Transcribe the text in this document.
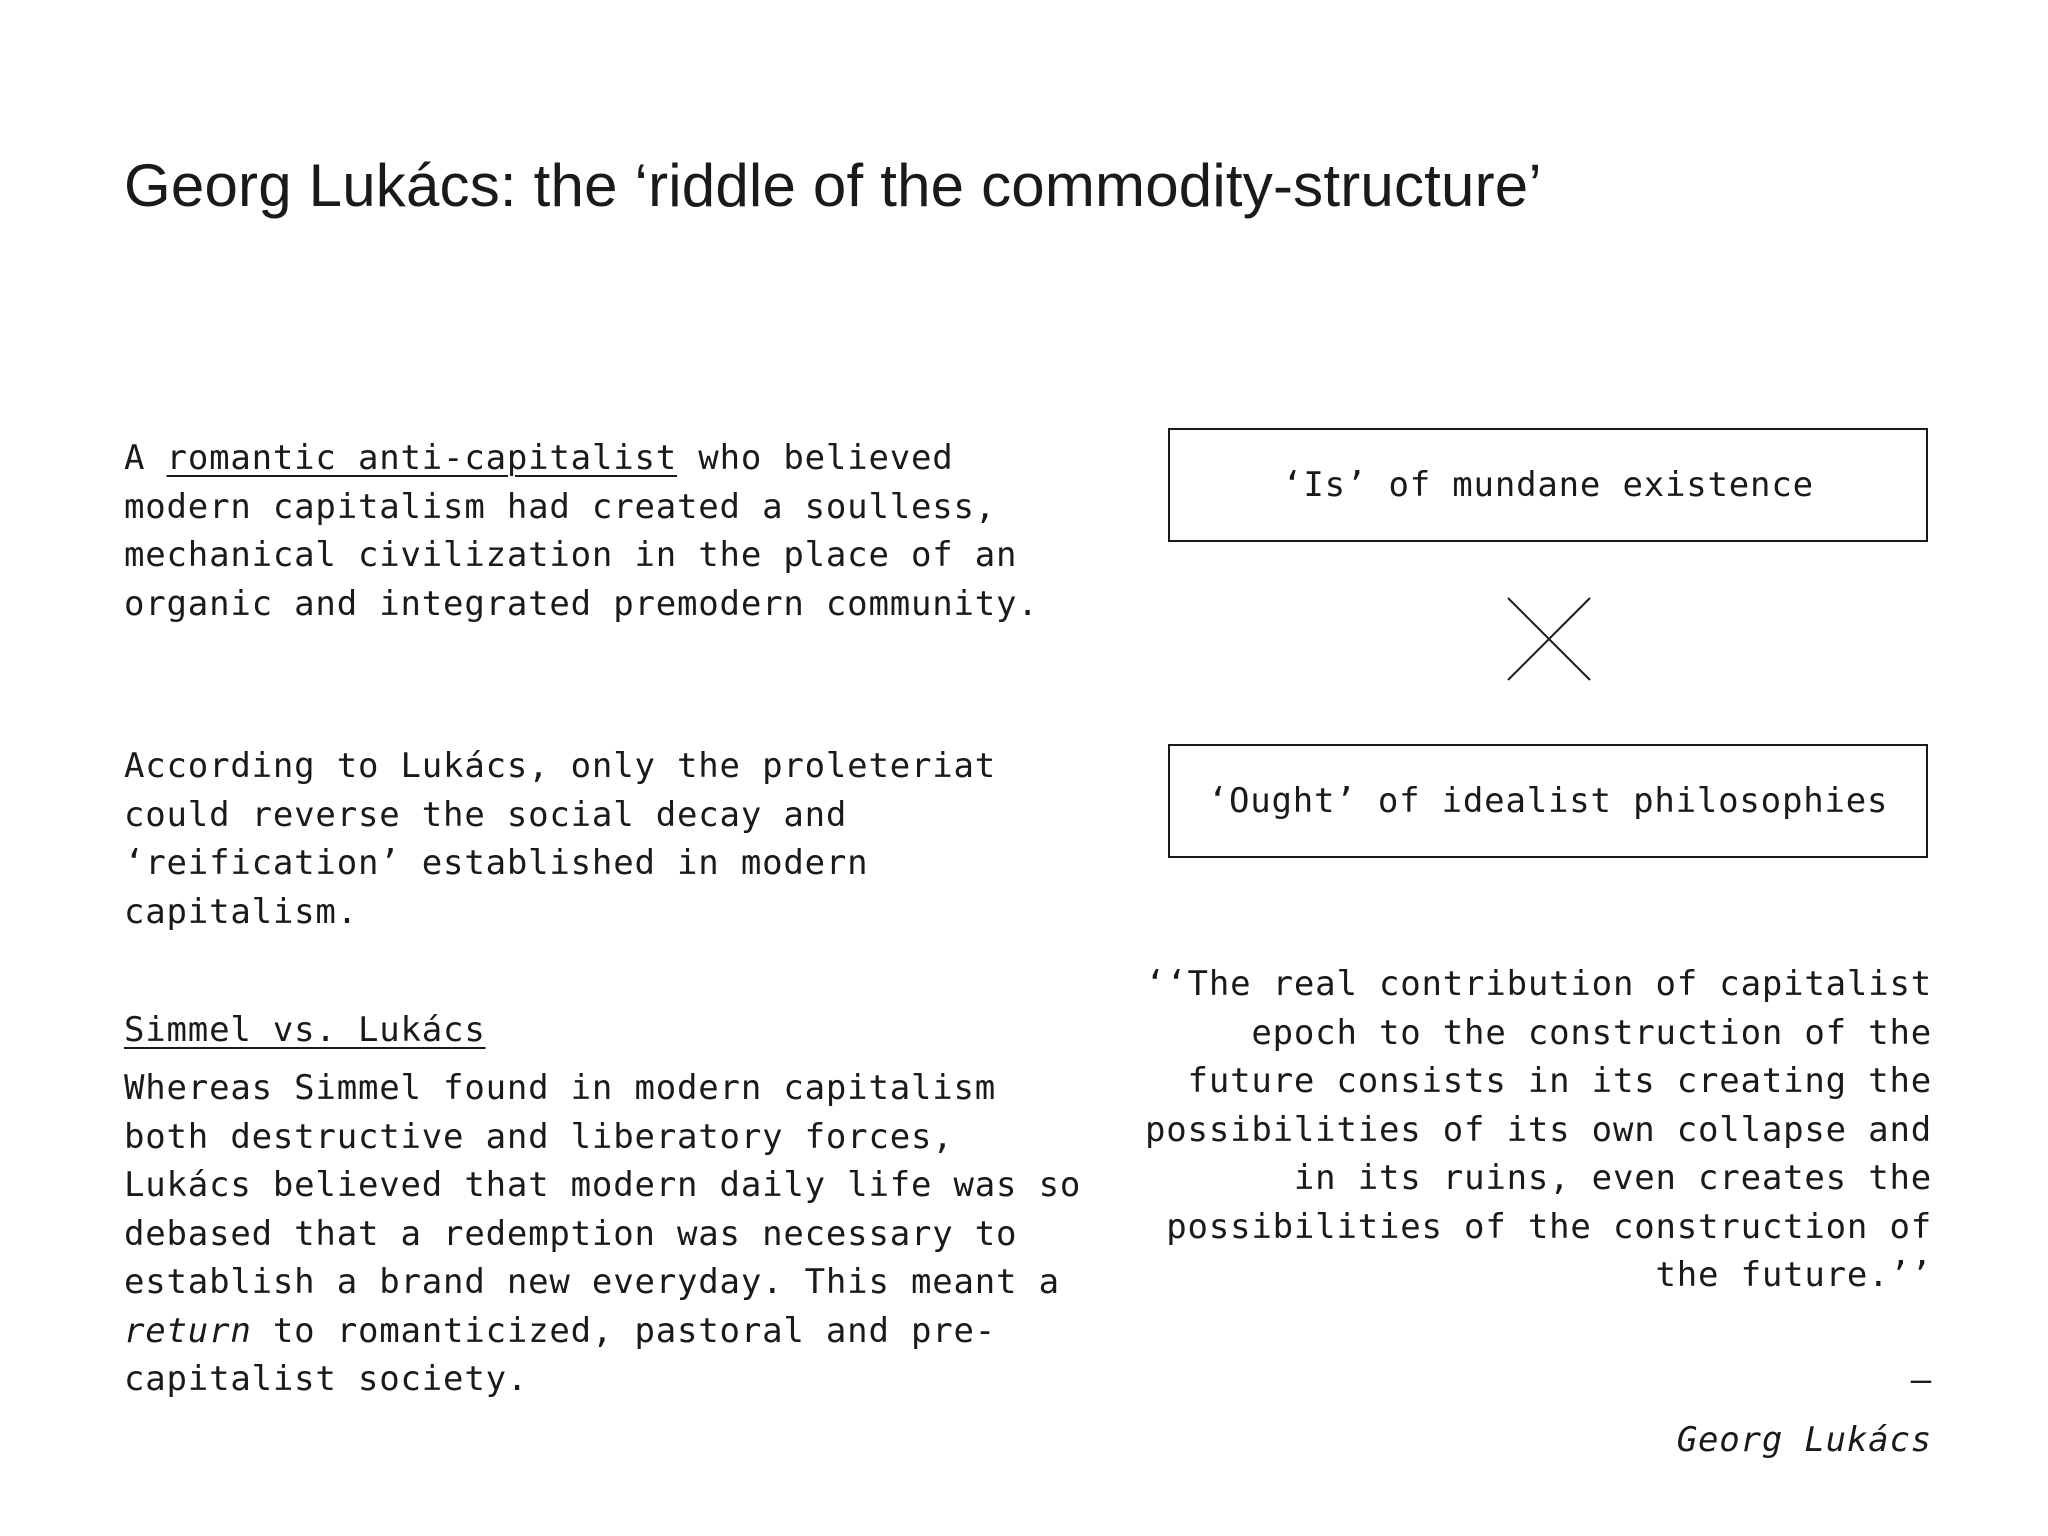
Georg Lukács: the ‘riddle of the commodity-structure’

A romantic anti-capitalist who believed
modern capitalism had created a soulless, mechanical civilization in the place of an organic and integrated premodern community.

According to Lukács, only the proleteriat could reverse the social decay and ‘reification’ established in modern capitalism.

Simmel vs. Lukács

Whereas Simmel found in modern capitalism both destructive and liberatory forces, Lukács believed that modern daily life was so debased that a redemption was necessary to establish a brand new everyday. This meant a return to romanticized, pastoral and pre-capitalist society.

‘Is’ of mundane existence
‘Ought’ of idealist philosophies

‘‘The real contribution of capitalist epoch to the construction of the future consists in its creating the possibilities of its own collapse and in its ruins, even creates the possibilities of the construction of the future.’’

–

Georg Lukács
